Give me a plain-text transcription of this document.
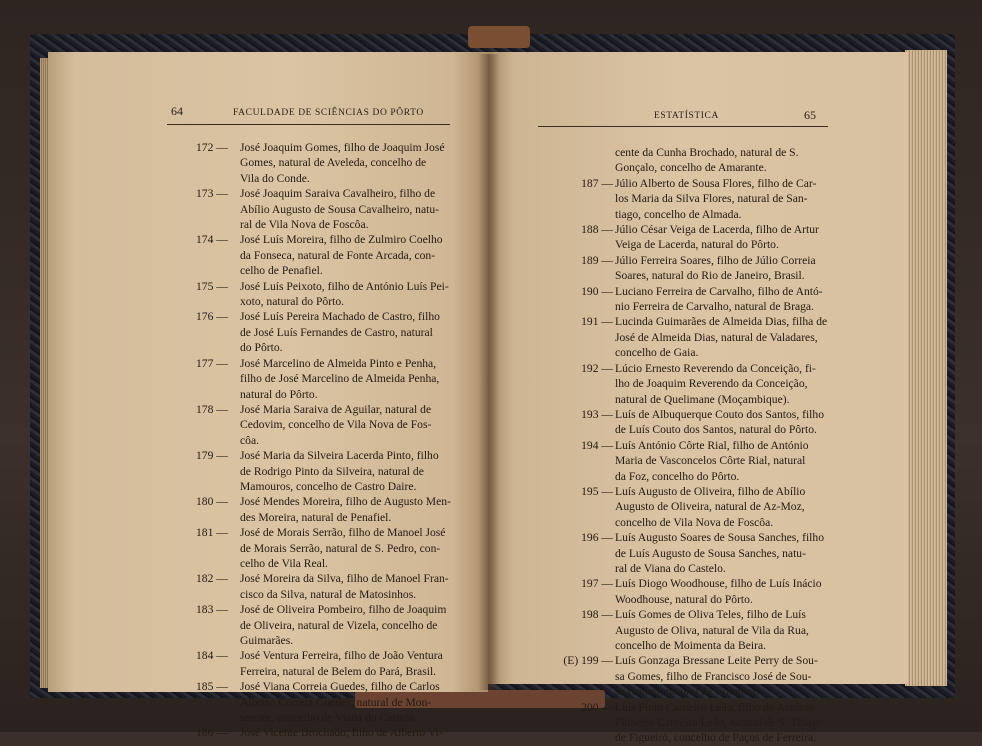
64	FACULDADE DE SCIÊNCIAS DO PÔRTO	ESTATÍSTICA	65
172 —	José Joaquim Gomes, filho de Joaquim José
Gomes, natural de Aveleda, concelho de
Vila do Conde.
173 —	José Joaquim Saraiva Cavalheiro, filho de
Abílio Augusto de Sousa Cavalheiro, natu-
ral de Vila Nova de Foscôa.
174 —	José Luís Moreira, filho de Zulmiro Coelho
da Fonseca, natural de Fonte Arcada, con-
celho de Penafiel.
175 —	José Luís Peixoto, filho de António Luís Pei-
xoto, natural do Pôrto.
176 —	José Luís Pereira Machado de Castro, filho
de José Luís Fernandes de Castro, natural
do Pôrto.
177 —	José Marcelino de Almeida Pinto e Penha,
filho de José Marcelino de Almeida Penha,
natural do Pôrto.
178 —	José Maria Saraiva de Aguilar, natural de
Cedovim, concelho de Vila Nova de Fos-
côa.
179 —	José Maria da Silveira Lacerda Pinto, filho
de Rodrigo Pinto da Silveira, natural de
Mamouros, concelho de Castro Daire.
180 —	José Mendes Moreira, filho de Augusto Men-
des Moreira, natural de Penafiel.
181 —	José de Morais Serrão, filho de Manoel José
de Morais Serrão, natural de S. Pedro, con-
celho de Vila Real.
182 —	José Moreira da Silva, filho de Manoel Fran-
cisco da Silva, natural de Matosinhos.
183 —	José de Oliveira Pombeiro, filho de Joaquim
de Oliveira, natural de Vizela, concelho de
Guimarães.
184 —	José Ventura Ferreira, filho de João Ventura
Ferreira, natural de Belem do Pará, Brasil.
185 —	José Viana Correia Guedes, filho de Carlos
Alberto Correia Guedes, natural de Mon-
serrate, concelho de Viana do Castelo.
186 —	José Vicente Brochado, filho de Alberto Vi-
cente da Cunha Brochado, natural de S.
Gonçalo, concelho de Amarante.
187 — Júlio Alberto de Sousa Flores, filho de Car-
los Maria da Silva Flores, natural de San-
tiago, concelho de Almada.
188 — Júlio César Veiga de Lacerda, filho de Artur
Veiga de Lacerda, natural do Pôrto.
189 — Júlio Ferreira Soares, filho de Júlio Correia
Soares, natural do Rio de Janeiro, Brasil.
190 — Luciano Ferreira de Carvalho, filho de Antó-
nio Ferreira de Carvalho, natural de Braga.
191 — Lucinda Guimarães de Almeida Dias, filha de
José de Almeida Dias, natural de Valadares,
concelho de Gaia.
192 — Lúcio Ernesto Reverendo da Conceição, fi-
lho de Joaquim Reverendo da Conceição,
natural de Quelimane (Moçambique).
193 — Luís de Albuquerque Couto dos Santos, filho
de Luís Couto dos Santos, natural do Pôrto.
194 — Luís António Côrte Rial, filho de António
Maria de Vasconcelos Côrte Rial, natural
da Foz, concelho do Pôrto.
195 — Luís Augusto de Oliveira, filho de Abílio
Augusto de Oliveira, natural de Az-Moz,
concelho de Vila Nova de Foscôa.
196 — Luís Augusto Soares de Sousa Sanches, filho
de Luís Augusto de Sousa Sanches, natu-
ral de Viana do Castelo.
197 — Luís Diogo Woodhouse, filho de Luís Inácio
Woodhouse, natural do Pôrto.
198 — Luís Gomes de Oliva Teles, filho de Luís
Augusto de Oliva, natural de Vila da Rua,
concelho de Moimenta da Beira.
(E) 199 — Luís Gonzaga Bressane Leite Perry de Sou-
sa Gomes, filho de Francisco José de Sou-
sa Gomes, natural de Coimbra.
200 — Luís Pinto Carneiro Leão, filho de António
Pinheiro Carneiro Leão, natural de S. Thiago
de Figueiró, concelho de Paços de Ferreira.
